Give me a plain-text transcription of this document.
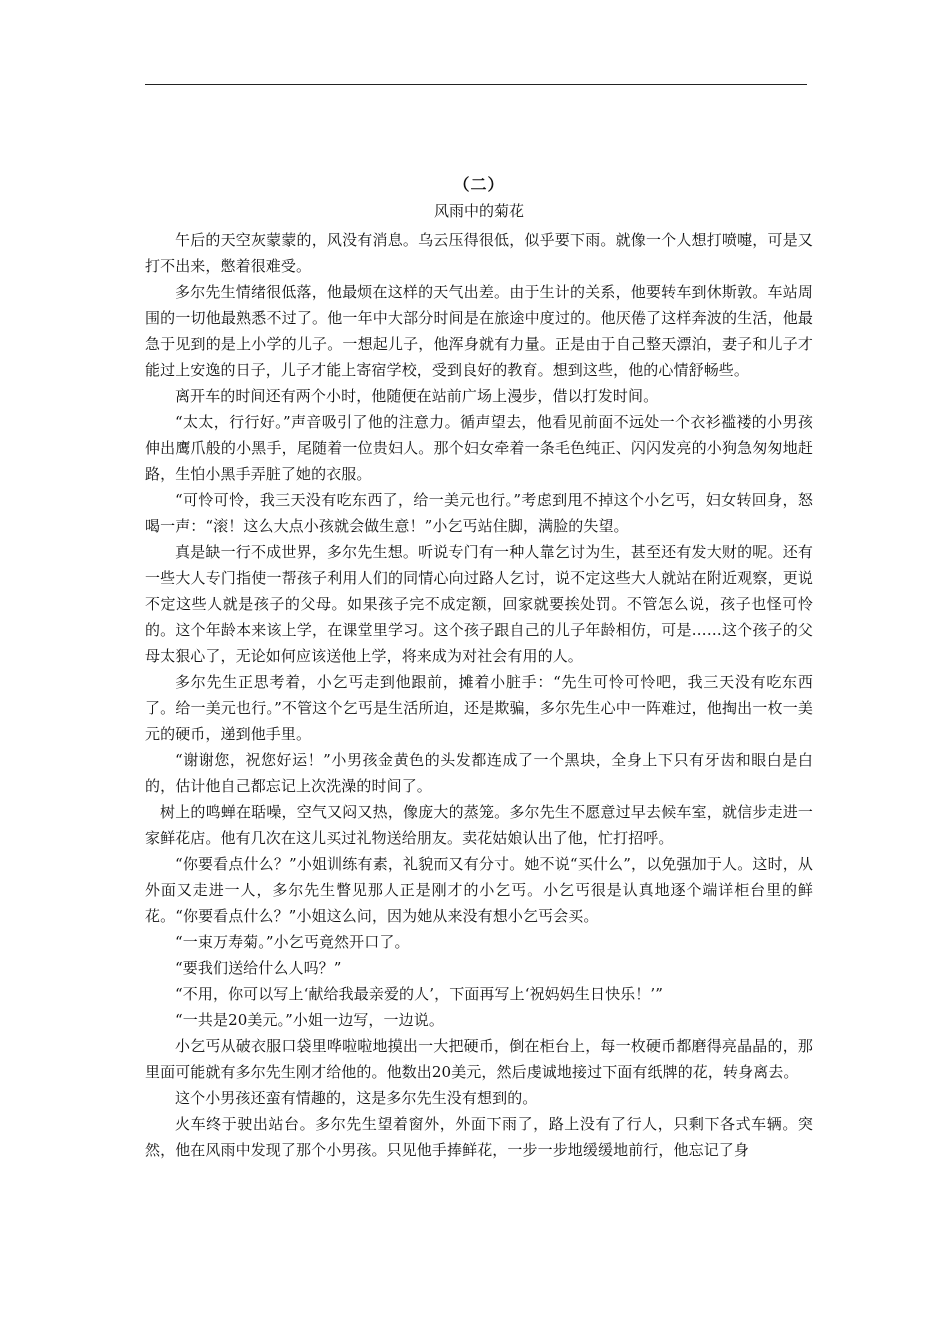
（二）

风雨中的菊花

午后的天空灰蒙蒙的，风没有消息。乌云压得很低，似乎要下雨。就像一个人想打喷嚏，可是又打不出来，憋着很难受。

多尔先生情绪很低落，他最烦在这样的天气出差。由于生计的关系，他要转车到休斯敦。车站周围的一切他最熟悉不过了。他一年中大部分时间是在旅途中度过的。他厌倦了这样奔波的生活，他最急于见到的是上小学的儿子。一想起儿子，他浑身就有力量。正是由于自己整天漂泊，妻子和儿子才能过上安逸的日子，儿子才能上寄宿学校，受到良好的教育。想到这些，他的心情舒畅些。

离开车的时间还有两个小时，他随便在站前广场上漫步，借以打发时间。

“太太，行行好。”声音吸引了他的注意力。循声望去，他看见前面不远处一个衣衫褴褛的小男孩伸出鹰爪般的小黑手，尾随着一位贵妇人。那个妇女牵着一条毛色纯正、闪闪发亮的小狗急匆匆地赶路，生怕小黑手弄脏了她的衣服。

“可怜可怜，我三天没有吃东西了，给一美元也行。”考虑到甩不掉这个小乞丐，妇女转回身，怒喝一声：“滚！这么大点小孩就会做生意！”小乞丐站住脚，满脸的失望。

真是缺一行不成世界，多尔先生想。听说专门有一种人靠乞讨为生，甚至还有发大财的呢。还有一些大人专门指使一帮孩子利用人们的同情心向过路人乞讨，说不定这些大人就站在附近观察，更说不定这些人就是孩子的父母。如果孩子完不成定额，回家就要挨处罚。不管怎么说，孩子也怪可怜的。这个年龄本来该上学，在课堂里学习。这个孩子跟自己的儿子年龄相仿，可是……这个孩子的父母太狠心了，无论如何应该送他上学，将来成为对社会有用的人。

多尔先生正思考着，小乞丐走到他跟前，摊着小脏手：“先生可怜可怜吧，我三天没有吃东西了。给一美元也行。”不管这个乞丐是生活所迫，还是欺骗，多尔先生心中一阵难过，他掏出一枚一美元的硬币，递到他手里。

“谢谢您，祝您好运！”小男孩金黄色的头发都连成了一个黑块，全身上下只有牙齿和眼白是白的，估计他自己都忘记上次洗澡的时间了。

树上的鸣蝉在聒噪，空气又闷又热，像庞大的蒸笼。多尔先生不愿意过早去候车室，就信步走进一家鲜花店。他有几次在这儿买过礼物送给朋友。卖花姑娘认出了他，忙打招呼。

“你要看点什么？”小姐训练有素，礼貌而又有分寸。她不说“买什么”，以免强加于人。这时，从外面又走进一人，多尔先生瞥见那人正是刚才的小乞丐。小乞丐很是认真地逐个端详柜台里的鲜花。“你要看点什么？”小姐这么问，因为她从来没有想小乞丐会买。

“一束万寿菊。”小乞丐竟然开口了。

“要我们送给什么人吗？”

“不用，你可以写上‘献给我最亲爱的人’，下面再写上‘祝妈妈生日快乐！’”

“一共是20美元。”小姐一边写，一边说。

小乞丐从破衣服口袋里哗啦啦地摸出一大把硬币，倒在柜台上，每一枚硬币都磨得亮晶晶的，那里面可能就有多尔先生刚才给他的。他数出20美元，然后虔诚地接过下面有纸牌的花，转身离去。

这个小男孩还蛮有情趣的，这是多尔先生没有想到的。

火车终于驶出站台。多尔先生望着窗外，外面下雨了，路上没有了行人，只剩下各式车辆。突然，他在风雨中发现了那个小男孩。只见他手捧鲜花，一步一步地缓缓地前行，他忘记了身
